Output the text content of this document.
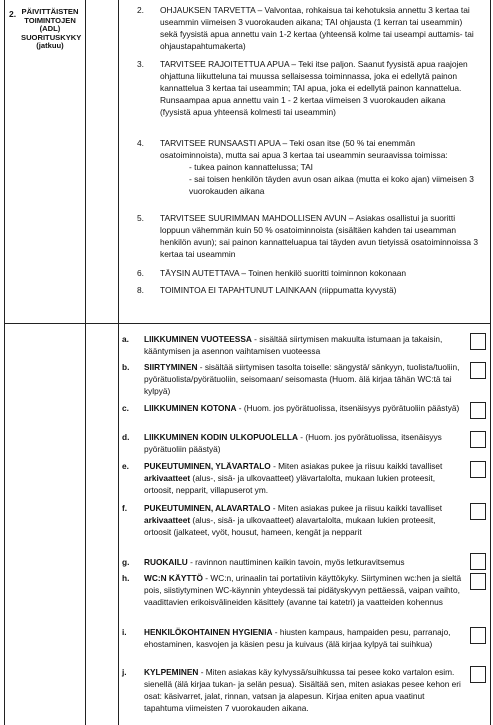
2. PÄIVITTÄISTEN TOIMINTOJEN (ADL) SUORITUSKYKY (jatkuu)
2. OHJAUKSEN TARVETTA – Valvontaa, rohkaisua tai kehotuksia annettu 3 kertaa tai useammin viimeisen 3 vuorokauden aikana; TAI ohjausta (1 kerran tai useammin) sekä fyysistä apua annettu vain 1-2 kertaa (yhteensä kolme tai useampi auttamis- tai ohjaustapahtumakerta)
3. TARVITSEE RAJOITETTUA APUA – Teki itse paljon. Saanut fyysistä apua raajojen ohjattuna liikutteluna tai muussa sellaisessa toiminnassa, joka ei edellytä painon kannattelua 3 kertaa tai useammin; TAI apua, joka ei edellytä painon kannattelua. Runsaampaa apua annettu vain 1 - 2 kertaa viimeisen 3 vuorokauden aikana (fyysistä apua yhteensä kolmesti tai useammin)
4. TARVITSEE RUNSAASTI APUA – Teki osan itse (50 % tai enemmän osatoiminnoista), mutta sai apua 3 kertaa tai useammin seuraavissa toimissa:
- tukea painon kannattelussa; TAI
- sai toisen henkilön täyden avun osan aikaa (mutta ei koko ajan) viimeisen 3 vuorokauden aikana
5. TARVITSEE SUURIMMAN MAHDOLLISEN AVUN – Asiakas osallistui ja suoritti loppuun vähemmän kuin 50 % osatoiminnoista (sisältäen kahden tai useamman henkilön avun); sai painon kannatteluapua tai täyden avun tietyissä osatoiminnoissa 3 kertaa tai useammin
6. TÄYSIN AUTETTAVA – Toinen henkilö suoritti toiminnon kokonaan
8. TOIMINTOA EI TAPAHTUNUT LAINKAAN (riippumatta kyvystä)
a. LIIKKUMINEN VUOTEESSA - sisältää siirtymisen makuulta istumaan ja takaisin, kääntymisen ja asennon vaihtamisen vuoteessa
b. SIIRTYMINEN - sisältää siirtymisen tasolta toiselle: sängystä/ sänkyyn, tuolista/tuoliin, pyörätuolista/pyörätuoliin, seisomaan/ seisomasta (Huom. älä kirjaa tähän WC:tä tai kylpyä)
c. LIIKKUMINEN KOTONA - (Huom. jos pyörätuolissa, itsenäisyys pyörätuoliin päästyä)
d. LIIKKUMINEN KODIN ULKOPUOLELLA - (Huom. jos pyörätuolissa, itsenäisyys pyörätuoliin päästyä)
e. PUKEUTUMINEN, YLÄVARTALO - Miten asiakas pukee ja riisuu kaikki tavalliset arkivaatteet (alus-, sisä- ja ulkovaatteet) ylävartalolta, mukaan lukien proteesit, ortoosit, nepparit, villapuserot ym.
f. PUKEUTUMINEN, ALAVARTALO - Miten asiakas pukee ja riisuu kaikki tavalliset arkivaatteet (alus-, sisä- ja ulkovaatteet) alavartalolta, mukaan lukien proteesit, ortoosit (jalkateet, vyöt, housut, hameen, kengät ja nepparit
g. RUOKAILU - ravinnon nauttiminen kaikin tavoin, myös letkuravitsemus
h. WC:N KÄYTTÖ - WC:n, urinaalin tai portatiivin käyttökyky. Siirtyminen wc:hen ja sieltä pois, siistiytyminen WC-käynnin yhteydessä tai pidätyskyvyn pettäessä, vaipan vaihto, vaadittavien erikoisvälineiden käsittely (avanne tai katetri) ja vaatteiden kohennus
i. HENKILÖKOHTAINEN HYGIENIA - hiusten kampaus, hampaiden pesu, parranajo, ehostaminen, kasvojen ja käsien pesu ja kuivaus (älä kirjaa kylpyä tai suihkua)
j. KYLPEMINEN - Miten asiakas käy kylvyssä/suihkussa tai pesee koko vartalon esim. sienellä (älä kirjaa tukan- ja selän pesua). Sisältää sen, miten asiakas pesee kehon eri osat: käsivarret, jalat, rinnan, vatsan ja alapesun. Kirjaa eniten apua vaatinut tapahtuma viimeisten 7 vuorokauden aikana.
